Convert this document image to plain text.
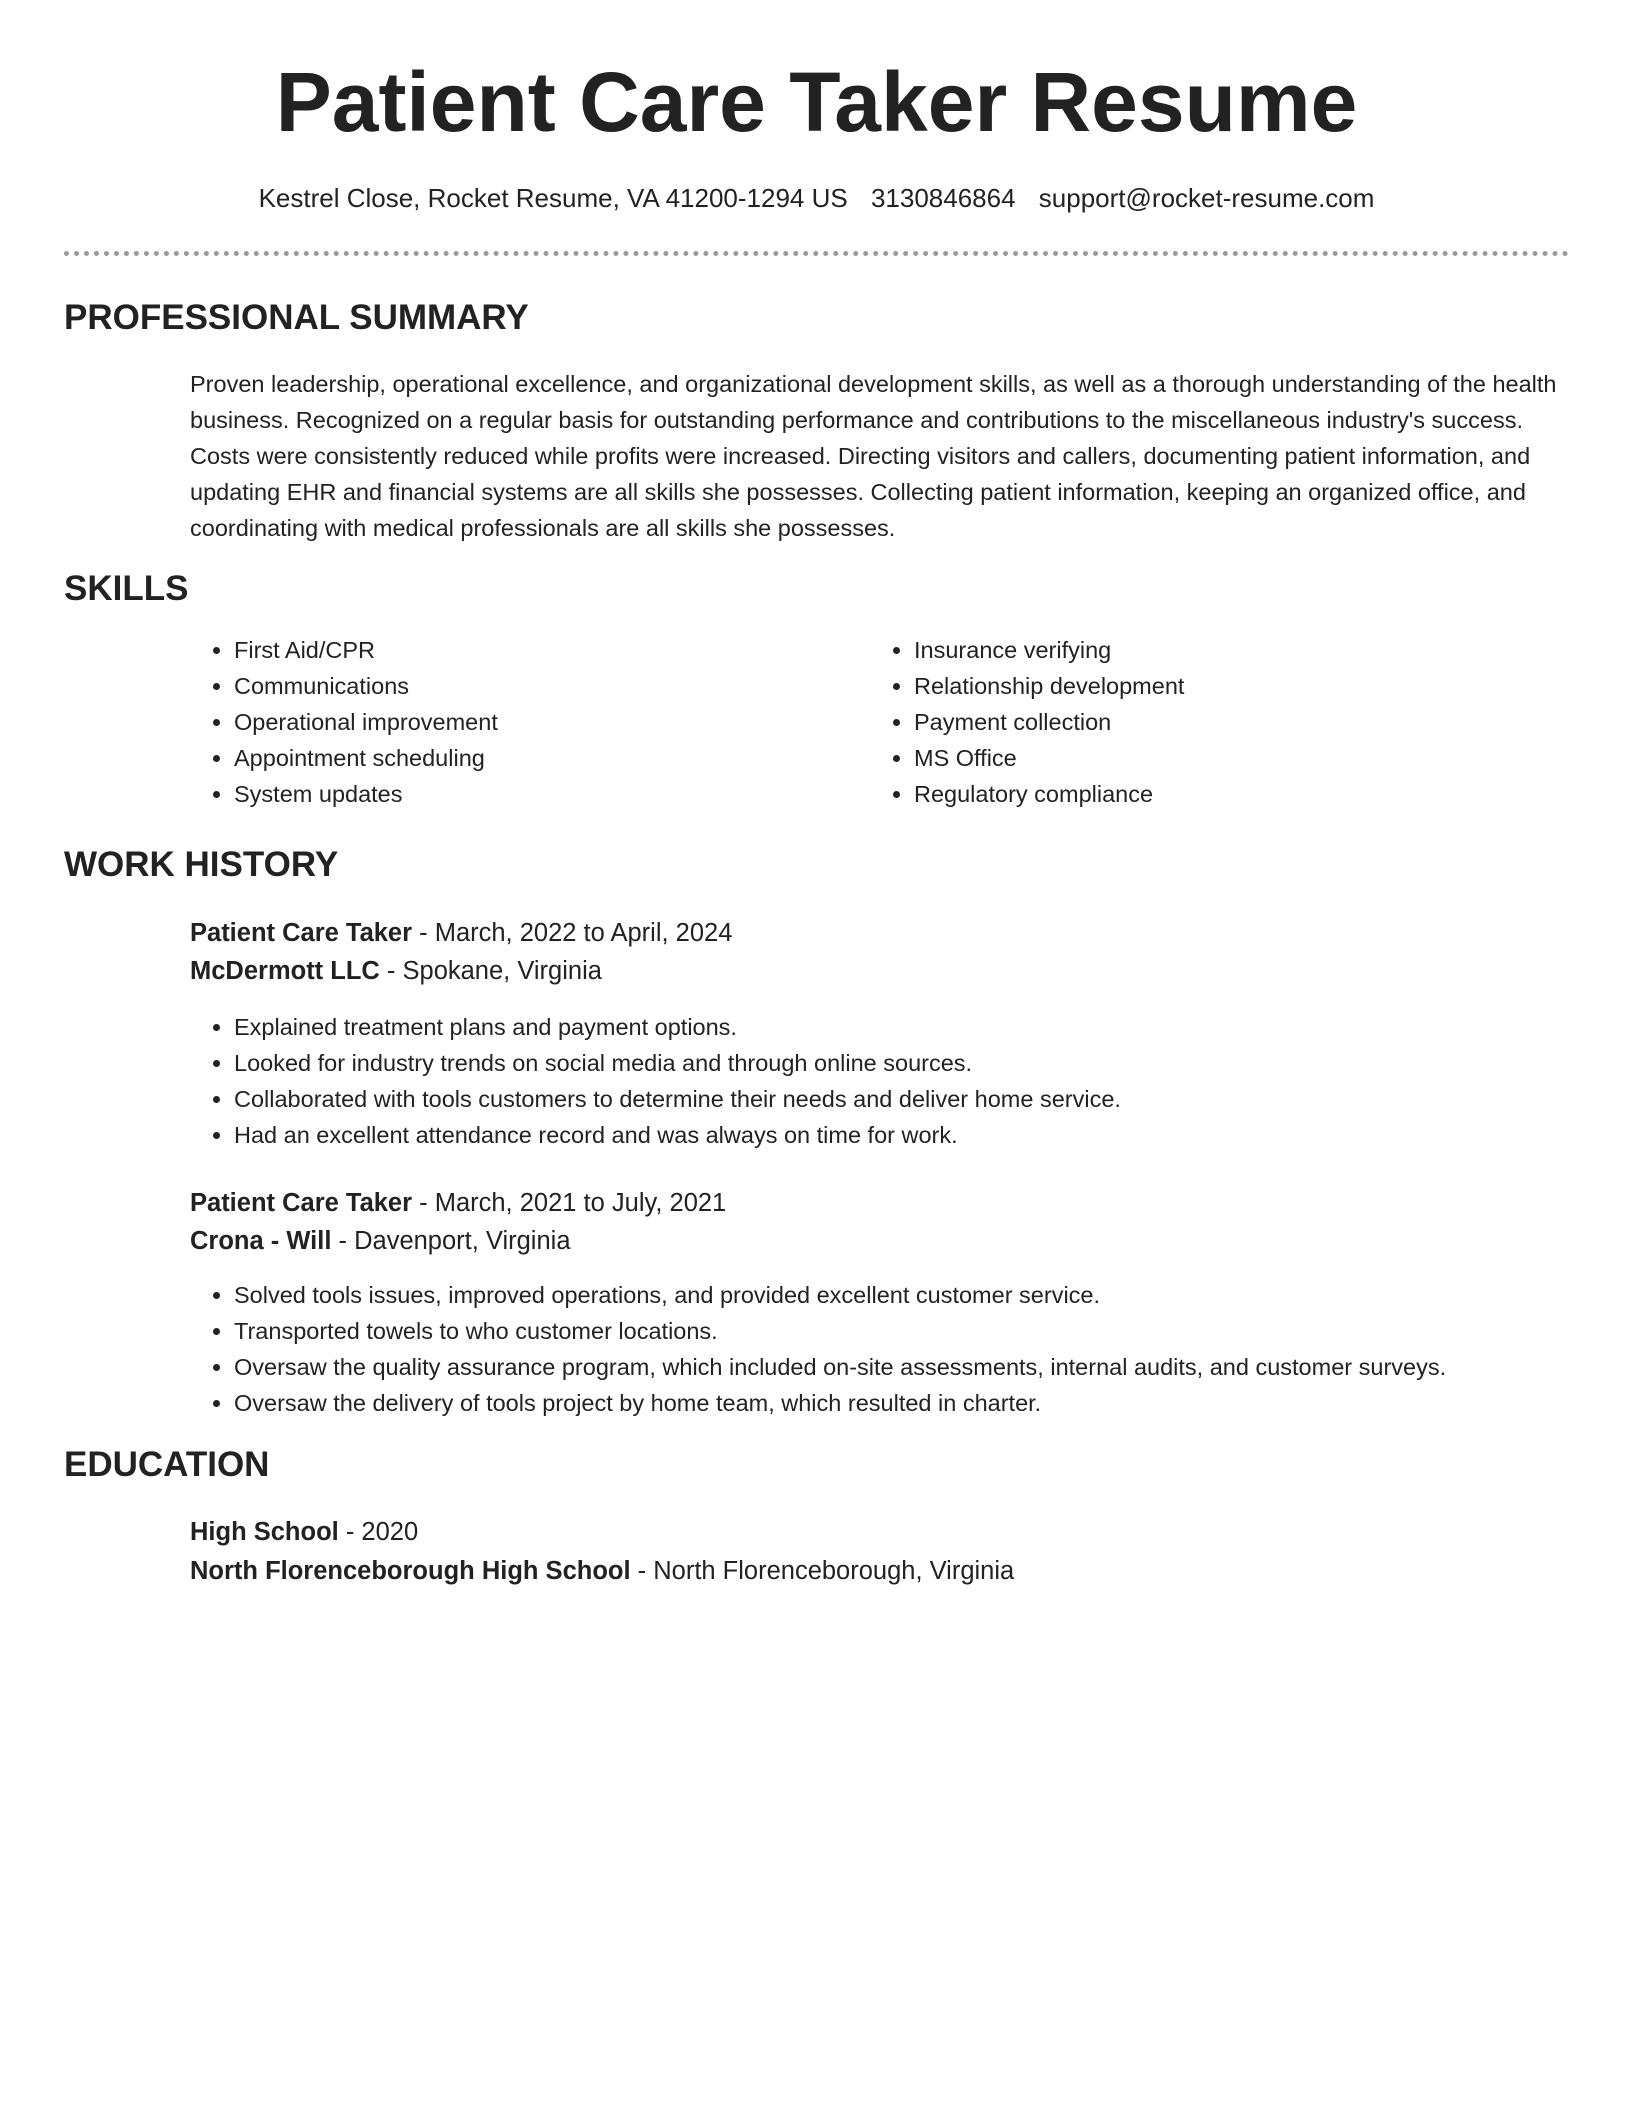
Patient Care Taker Resume
Kestrel Close, Rocket Resume, VA 41200-1294 US 3130846864 support@rocket-resume.com
PROFESSIONAL SUMMARY

Proven leadership, operational excellence, and organizational development skills, as well as a thorough understanding of the health business. Recognized on a regular basis for outstanding performance and contributions to the miscellaneous industry's success. Costs were consistently reduced while profits were increased. Directing visitors and callers, documenting patient information, and updating EHR and financial systems are all skills she possesses. Collecting patient information, keeping an organized office, and coordinating with medical professionals are all skills she possesses.

SKILLS
• First Aid/CPR
• Communications
• Operational improvement
• Appointment scheduling
• System updates
• Insurance verifying
• Relationship development
• Payment collection
• MS Office
• Regulatory compliance
WORK HISTORY
Patient Care Taker - March, 2022 to April, 2024
McDermott LLC - Spokane, Virginia
• Explained treatment plans and payment options.
• Looked for industry trends on social media and through online sources.
• Collaborated with tools customers to determine their needs and deliver home service.
• Had an excellent attendance record and was always on time for work.
Patient Care Taker - March, 2021 to July, 2021
Crona - Will - Davenport, Virginia
• Solved tools issues, improved operations, and provided excellent customer service.
• Transported towels to who customer locations.
• Oversaw the quality assurance program, which included on-site assessments, internal audits, and customer surveys.
• Oversaw the delivery of tools project by home team, which resulted in charter.
EDUCATION
High School - 2020
North Florenceborough High School - North Florenceborough, Virginia
